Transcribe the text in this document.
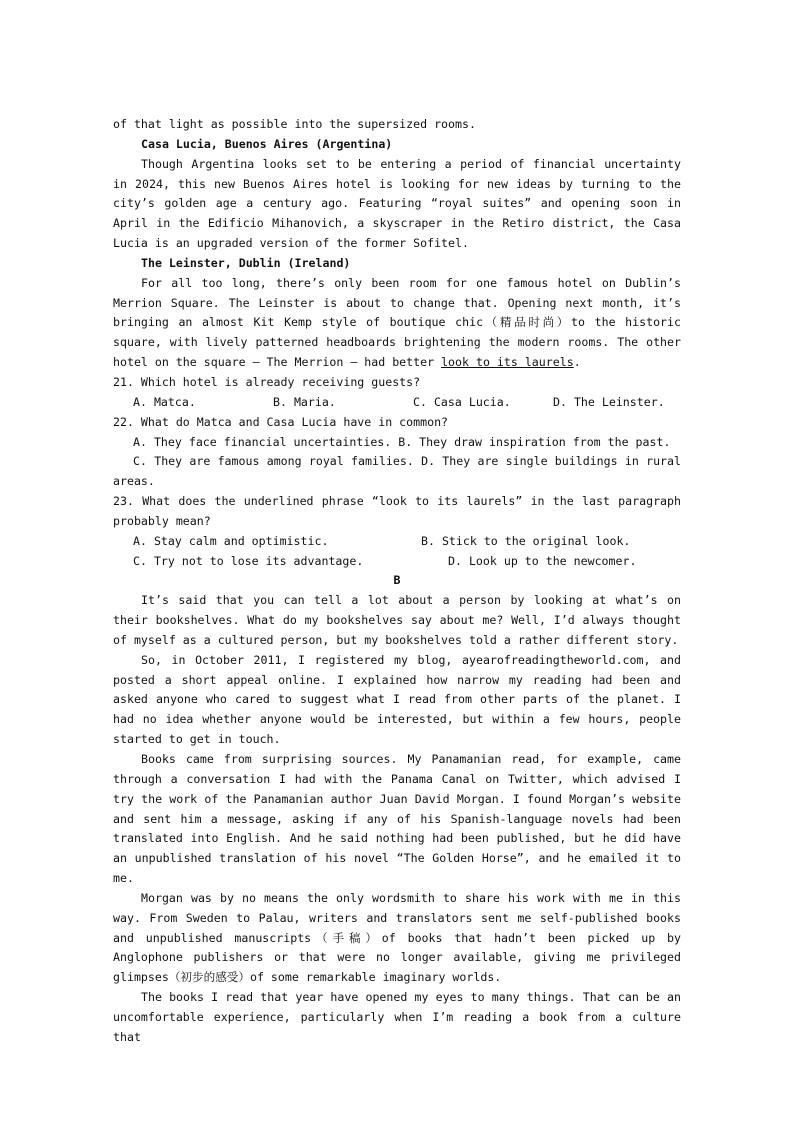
of that light as possible into the supersized rooms.

Casa Lucia, Buenos Aires (Argentina)

Though Argentina looks set to be entering a period of financial uncertainty in 2024, this new Buenos Aires hotel is looking for new ideas by turning to the city’s golden age a century ago. Featuring “royal suites” and opening soon in April in the Edificio Mihanovich, a skyscraper in the Retiro district, the Casa Lucia is an upgraded version of the former Sofitel.

The Leinster, Dublin (Ireland)

For all too long, there’s only been room for one famous hotel on Dublin’s Merrion Square. The Leinster is about to change that. Opening next month, it’s bringing an almost Kit Kemp style of boutique chic（精品时尚）to the historic square, with lively patterned headboards brightening the modern rooms. The other hotel on the square — The Merrion — had better look to its laurels.

21. Which hotel is already receiving guests?

A. Matca.	B. Maria.	C. Casa Lucia.	D. The Leinster.

22. What do Matca and Casa Lucia have in common?

A. They face financial uncertainties. B. They draw inspiration from the past.

C. They are famous among royal families. D. They are single buildings in rural areas.

23. What does the underlined phrase “look to its laurels” in the last paragraph probably mean?

A. Stay calm and optimistic.	B. Stick to the original look.
C. Try not to lose its advantage.	D. Look up to the newcomer.

B

It’s said that you can tell a lot about a person by looking at what’s on their bookshelves. What do my bookshelves say about me? Well, I’d always thought of myself as a cultured person, but my bookshelves told a rather different story.

So, in October 2011, I registered my blog, ayearofreadingtheworld.com, and posted a short appeal online. I explained how narrow my reading had been and asked anyone who cared to suggest what I read from other parts of the planet. I had no idea whether anyone would be interested, but within a few hours, people started to get in touch.

Books came from surprising sources. My Panamanian read, for example, came through a conversation I had with the Panama Canal on Twitter, which advised I try the work of the Panamanian author Juan David Morgan. I found Morgan’s website and sent him a message, asking if any of his Spanish-language novels had been translated into English. And he said nothing had been published, but he did have an unpublished translation of his novel “The Golden Horse”, and he emailed it to me.

Morgan was by no means the only wordsmith to share his work with me in this way. From Sweden to Palau, writers and translators sent me self-published books and unpublished manuscripts（手稿）of books that hadn’t been picked up by Anglophone publishers or that were no longer available, giving me privileged glimpses（初步的感受）of some remarkable imaginary worlds.

The books I read that year have opened my eyes to many things. That can be an uncomfortable experience, particularly when I’m reading a book from a culture that
